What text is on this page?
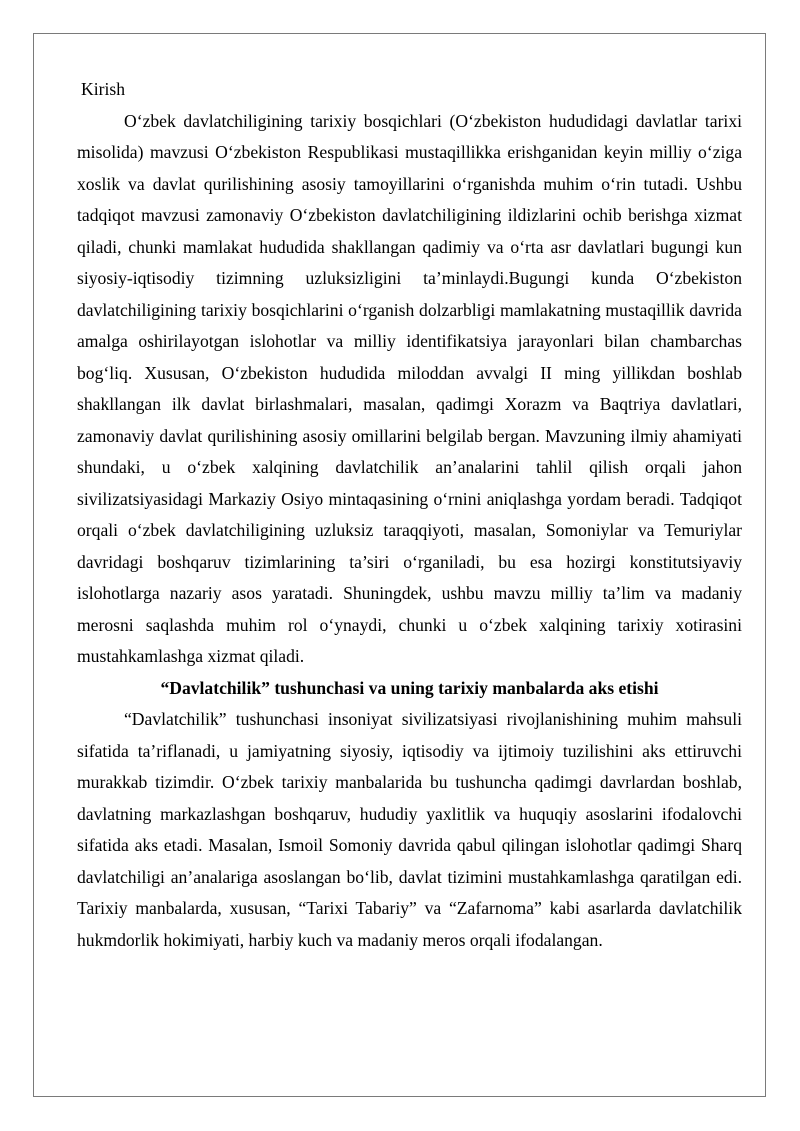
Kirish

O‘zbek davlatchiligining tarixiy bosqichlari (O‘zbekiston hududidagi davlatlar tarixi misolida) mavzusi O‘zbekiston Respublikasi mustaqillikka erishganidan keyin milliy o‘ziga xoslik va davlat qurilishining asosiy tamoyillarini o‘rganishda muhim o‘rin tutadi. Ushbu tadqiqot mavzusi zamonaviy O‘zbekiston davlatchiligining ildizlarini ochib berishga xizmat qiladi, chunki mamlakat hududida shakllangan qadimiy va o‘rta asr davlatlari bugungi kun siyosiy-iqtisodiy tizimning uzluksizligini ta’minlaydi.Bugungi kunda O‘zbekiston davlatchiligining tarixiy bosqichlarini o‘rganish dolzarbligi mamlakatning mustaqillik davrida amalga oshirilayotgan islohotlar va milliy identifikatsiya jarayonlari bilan chambarchas bog‘liq. Xususan, O‘zbekiston hududida miloddan avvalgi II ming yillikdan boshlab shakllangan ilk davlat birlashmalari, masalan, qadimgi Xorazm va Baqtriya davlatlari, zamonaviy davlat qurilishining asosiy omillarini belgilab bergan. Mavzuning ilmiy ahamiyati shundaki, u o‘zbek xalqining davlatchilik an’analarini tahlil qilish orqali jahon sivilizatsiyasidagi Markaziy Osiyo mintaqasining o‘rnini aniqlashga yordam beradi. Tadqiqot orqali o‘zbek davlatchiligining uzluksiz taraqqiyoti, masalan, Somoniylar va Temuriylar davridagi boshqaruv tizimlarining ta’siri o‘rganiladi, bu esa hozirgi konstitutsiyaviy islohotlarga nazariy asos yaratadi. Shuningdek, ushbu mavzu milliy ta’lim va madaniy merosni saqlashda muhim rol o‘ynaydi, chunki u o‘zbek xalqining tarixiy xotirasini mustahkamlashga xizmat qiladi.

“Davlatchilik” tushunchasi va uning tarixiy manbalarda aks etishi

“Davlatchilik” tushunchasi insoniyat sivilizatsiyasi rivojlanishining muhim mahsuli sifatida ta’riflanadi, u jamiyatning siyosiy, iqtisodiy va ijtimoiy tuzilishini aks ettiruvchi murakkab tizimdir. O‘zbek tarixiy manbalarida bu tushuncha qadimgi davrlardan boshlab, davlatning markazlashgan boshqaruv, hududiy yaxlitlik va huquqiy asoslarini ifodalovchi sifatida aks etadi. Masalan, Ismoil Somoniy davrida qabul qilingan islohotlar qadimgi Sharq davlatchiligi an’analariga asoslangan bo‘lib, davlat tizimini mustahkamlashga qaratilgan edi. Tarixiy manbalarda, xususan, “Tarixi Tabariy” va “Zafarnoma” kabi asarlarda davlatchilik hukmdorlik hokimiyati, harbiy kuch va madaniy meros orqali ifodalangan.
